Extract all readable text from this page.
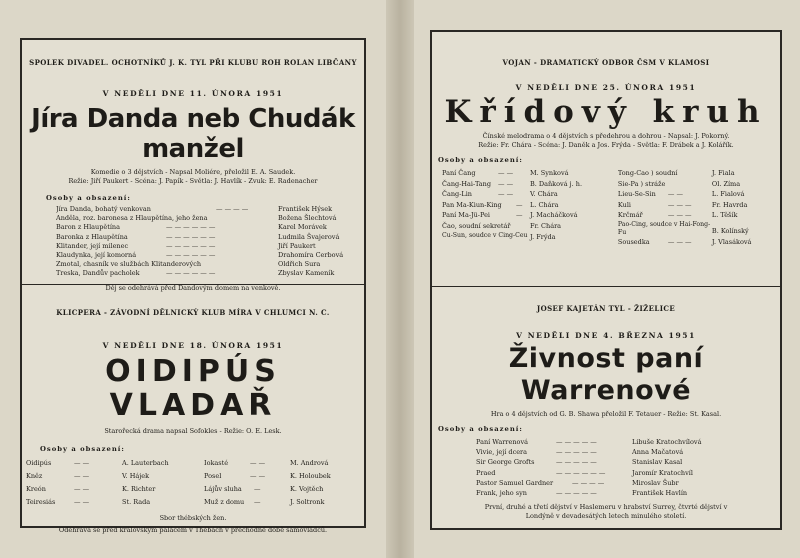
SPOLEK DIVADEL. OCHOTNÍKŮ J. K. TYL PŘI KLUBU ROH ROLAN LIBČANY
V NEDĚLI DNE 11. ÚNORA 1951
Jíra Danda neb Chudák manžel
Komedie o 3 dějstvích - Napsal Moliére, přeložil E. A. Saudek.
Režie: Jiří Paukert - Scéna: J. Papík - Světla: J. Havlík - Zvuk: E. Radenacher
Osoby a obsazení:
Jíra Danda, bohatý venkovan	— — — —	František Hýsek
Anděla, roz. baronesa z Hlaupětína, jeho žena	Božena Šlechtová
Baron z Hlaupětína	— — — — — —	Karel Morávek
Baronka z Hlaupětína	— — — — — —	Ludmila Švajerová
Klitander, její milenec	— — — — — —	Jiří Paukert
Klaudynka, její komorná	— — — — — —	Drahomíra Cerbová
Zmotal, chasník ve službách Klitanderových	Oldřich Sura
Treska, Dandův pacholek	— — — — — —	Zbyslav Kameník
Děj se odehrává před Dandovým domem na venkově.
KLICPERA - ZÁVODNÍ DĚLNICKÝ KLUB MÍRA V CHLUMCI N. C.
V NEDĚLI DNE 18. ÚNORA 1951
OIDIPÚS VLADAŘ
Starořecká drama napsal Sofokles - Režie: O. E. Lesk.
Osoby a obsazení:
Oidipús	— —	A. Lauterbach
Kněz	— —	V. Hájek
Kreón	— —	K. Richter
Teiresiás	— —	St. Rada
Iokasté	— —	M. Andrová
Posel	— —	K. Holoubek
Lájův sluha	—	K. Vojtěch
Muž z domu	—	J. Soltronk
Sbor thébských žen.
Odehrává se před královským palácem v Thébách v přechodné době samovládců.
VOJAN - DRAMATICKÝ ODBOR ČSM V KLAMOSI
V NEDĚLI DNE 25. ÚNORA 1951
Křídový kruh
Čínské melodrama o 4 dějstvích s předehrou a dohrou - Napsal: J. Pokorný.
Režie: Fr. Chára - Scéna: J. Daněk a Jos. Frýda - Světla: F. Drábek a J. Kolářík.
Osoby a obsazení:
Paní Čang	— —	M. Synková
Čang-Hai-Tang	— —	B. Daňková j. h.
Čang-Lin	— —	V. Chára
Pan Ma-Kiun-King	—	L. Chára
Paní Ma-Jü-Pei	—	J. Macháčková
Čao, soudní sekretář	Fr. Chára
Ču-Šun, soudce v Čing-Čeu J. Frýda
Tong-Cao ) soudní	J. Fiala
Sie-Pa ) stráže	Ol. Zíma
Lieu-Se-Sin	— —	L. Fialová
Kuli	— — —	Fr. Havrda
Krčmář	— — —	L. Těšík
Pao-Čing, soudce v Hai-Fong-Fu	B. Kolínský
Sousedka	— — —	J. Vlasáková
JOSEF KAJETÁN TYL - ŽIŽELICE
V NEDĚLI DNE 4. BŘEZNA 1951
Živnost paní Warrenové
Hra o 4 dějstvích od G. B. Shawa přeložil F. Tetauer - Režie: St. Kasal.
Osoby a obsazení:
Paní Warrenová	— — — — —	Libuše Kratochvílová
Vivie, její dcera	— — — — —	Anna Mačatová
Sir George Grofts	— — — — —	Stanislav Kasal
Praed	— — — — — —	Jaromír Kratochvíl
Pastor Samuel Gardner	— — — —	Miroslav Šubr
Frank, jeho syn	— — — — —	František Havlín
První, druhé a třetí dějství v Haslemeru v hrabství Surrey, čtvrté dějství v Londýně v devadesátých letech minulého století.
